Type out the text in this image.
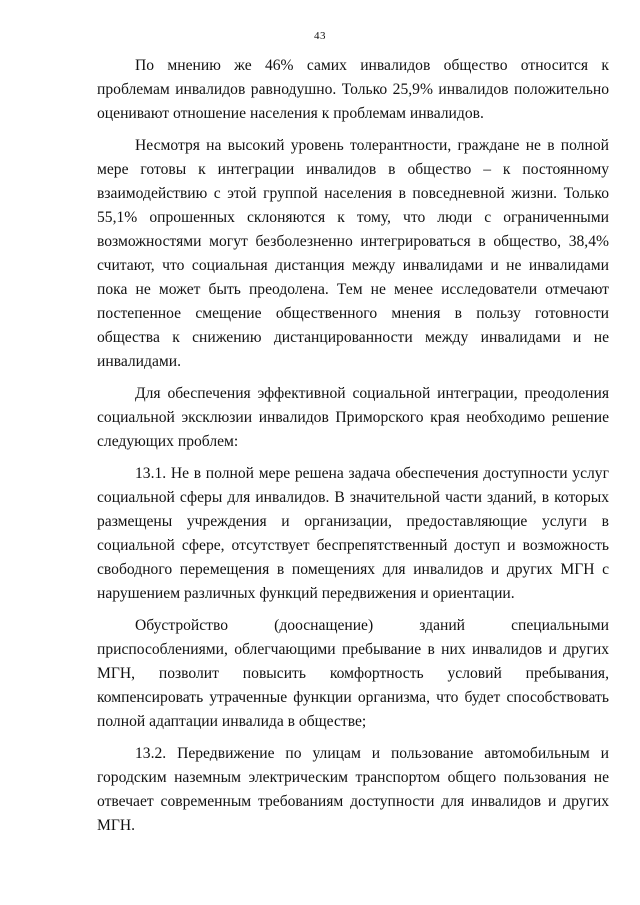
43

По мнению же 46% самих инвалидов общество относится к проблемам инвалидов равнодушно. Только 25,9% инвалидов положительно оценивают отношение населения к проблемам инвалидов.

Несмотря на высокий уровень толерантности, граждане не в полной мере готовы к интеграции инвалидов в общество – к постоянному взаимодействию с этой группой населения в повседневной жизни. Только 55,1% опрошенных склоняются к тому, что люди с ограниченными возможностями могут безболезненно интегрироваться в общество, 38,4% считают, что социальная дистанция между инвалидами и не инвалидами пока не может быть преодолена. Тем не менее исследователи отмечают постепенное смещение общественного мнения в пользу готовности общества к снижению дистанцированности между инвалидами и не инвалидами.

Для обеспечения эффективной социальной интеграции, преодоления социальной эксклюзии инвалидов Приморского края необходимо решение следующих проблем:

13.1. Не в полной мере решена задача обеспечения доступности услуг социальной сферы для инвалидов. В значительной части зданий, в которых размещены учреждения и организации, предоставляющие услуги в социальной сфере, отсутствует беспрепятственный доступ и возможность свободного перемещения в помещениях для инвалидов и других МГН с нарушением различных функций передвижения и ориентации.

Обустройство (дооснащение) зданий специальными приспособлениями, облегчающими пребывание в них инвалидов и других МГН, позволит повысить комфортность условий пребывания, компенсировать утраченные функции организма, что будет способствовать полной адаптации инвалида в обществе;

13.2. Передвижение по улицам и пользование автомобильным и городским наземным электрическим транспортом общего пользования не отвечает современным требованиям доступности для инвалидов и других МГН.
